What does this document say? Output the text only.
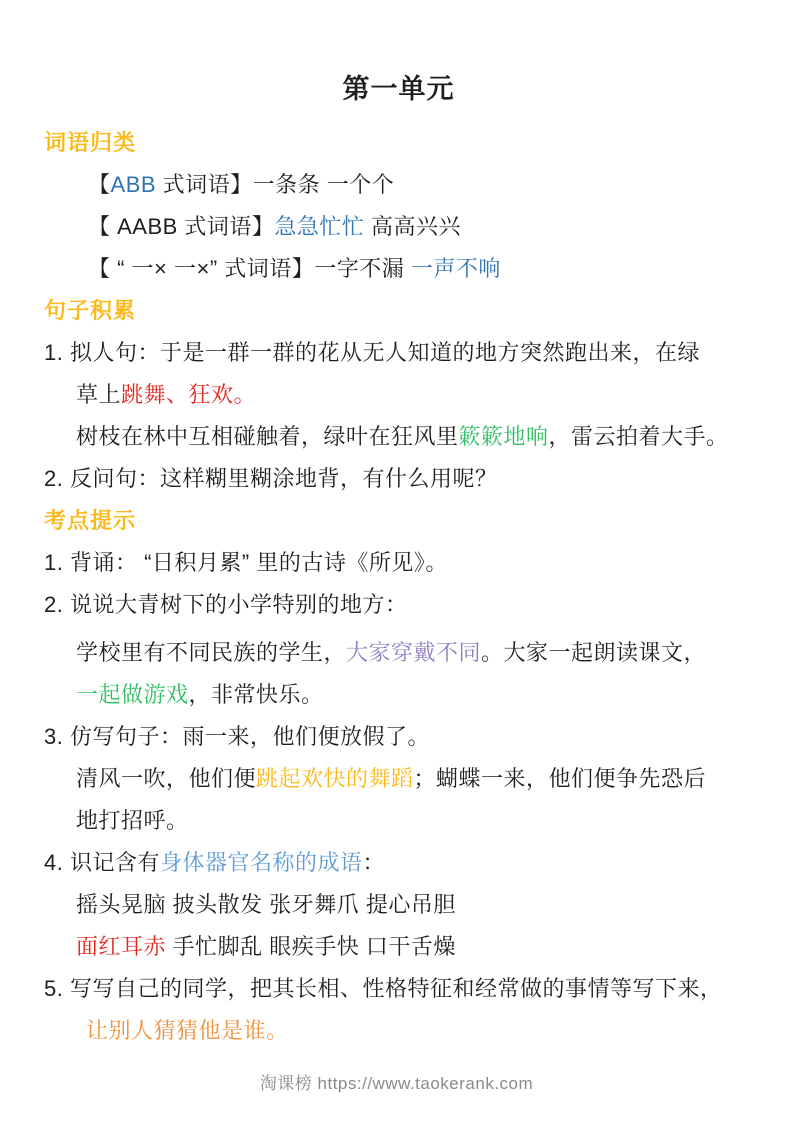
第一单元
词语归类
【ABB 式词语】一条条 一个个
【 AABB 式词语】急急忙忙 高高兴兴
【 “ 一× 一×” 式词语】一字不漏 一声不响
句子积累
1. 拟人句：于是一群一群的花从无人知道的地方突然跑出来，在绿
草上跳舞、狂欢。
树枝在林中互相碰触着，绿叶在狂风里簌簌地响，雷云拍着大手。
2. 反问句：这样糊里糊涂地背，有什么用呢？
考点提示
1. 背诵： “日积月累” 里的古诗《所见》。
2. 说说大青树下的小学特别的地方：
学校里有不同民族的学生，大家穿戴不同。大家一起朗读课文，
一起做游戏，非常快乐。
3. 仿写句子：雨一来，他们便放假了。
清风一吹，他们便跳起欢快的舞蹈；蝴蝶一来，他们便争先恐后
地打招呼。
4. 识记含有身体器官名称的成语：
摇头晃脑 披头散发 张牙舞爪 提心吊胆
面红耳赤 手忙脚乱 眼疾手快 口干舌燥
5. 写写自己的同学，把其长相、性格特征和经常做的事情等写下来，
让别人猜猜他是谁。
淘课榜 https://www.taokerank.com
